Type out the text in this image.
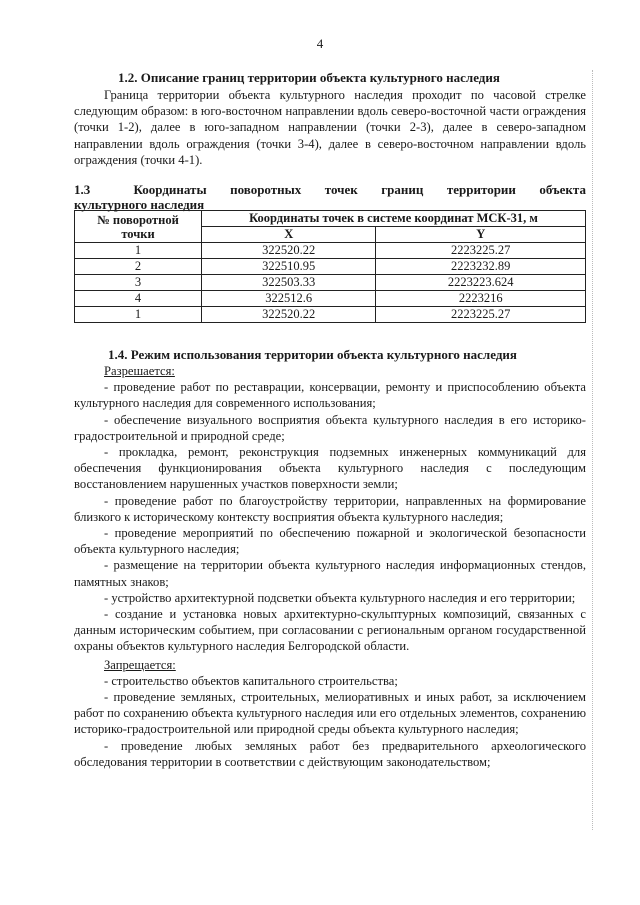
4
1.2. Описание границ территории объекта культурного наследия

Граница территории объекта культурного наследия проходит по часовой стрелке следующим образом: в юго-восточном направлении вдоль северо-восточной части ограждения (точки 1-2), далее в юго-западном направлении (точки 2-3), далее в северо-западном направлении вдоль ограждения (точки 3-4), далее в северо-восточном направлении вдоль ограждения (точки 4-1).

1.3	Координаты поворотных точек границ территории объекта
культурного наследия
№ поворотной точки	Координаты точек в системе координат МСК-31, м	
	X	Y
1	322520.22	2223225.27
2	322510.95	2223232.89
3	322503.33	2223223.624
4	322512.6	2223216
1	322520.22	2223225.27
1.4. Режим использования территории объекта культурного наследия

Разрешается:

- проведение работ по реставрации, консервации, ремонту и приспособлению объекта культурного наследия для современного использования;

- обеспечение визуального восприятия объекта культурного наследия в его историко-градостроительной и природной среде;

- прокладка, ремонт, реконструкция подземных инженерных коммуникаций для обеспечения функционирования объекта культурного наследия с последующим восстановлением нарушенных участков поверхности земли;

- проведение работ по благоустройству территории, направленных на формирование близкого к историческому контексту восприятия объекта культурного наследия;

- проведение мероприятий по обеспечению пожарной и экологической безопасности объекта культурного наследия;

- размещение на территории объекта культурного наследия информационных стендов, памятных знаков;

- устройство архитектурной подсветки объекта культурного наследия и его территории;

- создание и установка новых архитектурно-скульптурных композиций, связанных с данным историческим событием, при согласовании с региональным органом государственной охраны объектов культурного наследия Белгородской области.

Запрещается:

- строительство объектов капитального строительства;

- проведение земляных, строительных, мелиоративных и иных работ, за исключением работ по сохранению объекта культурного наследия или его отдельных элементов, сохранению историко-градостроительной или природной среды объекта культурного наследия;

- проведение любых земляных работ без предварительного археологического обследования территории в соответствии с действующим законодательством;
